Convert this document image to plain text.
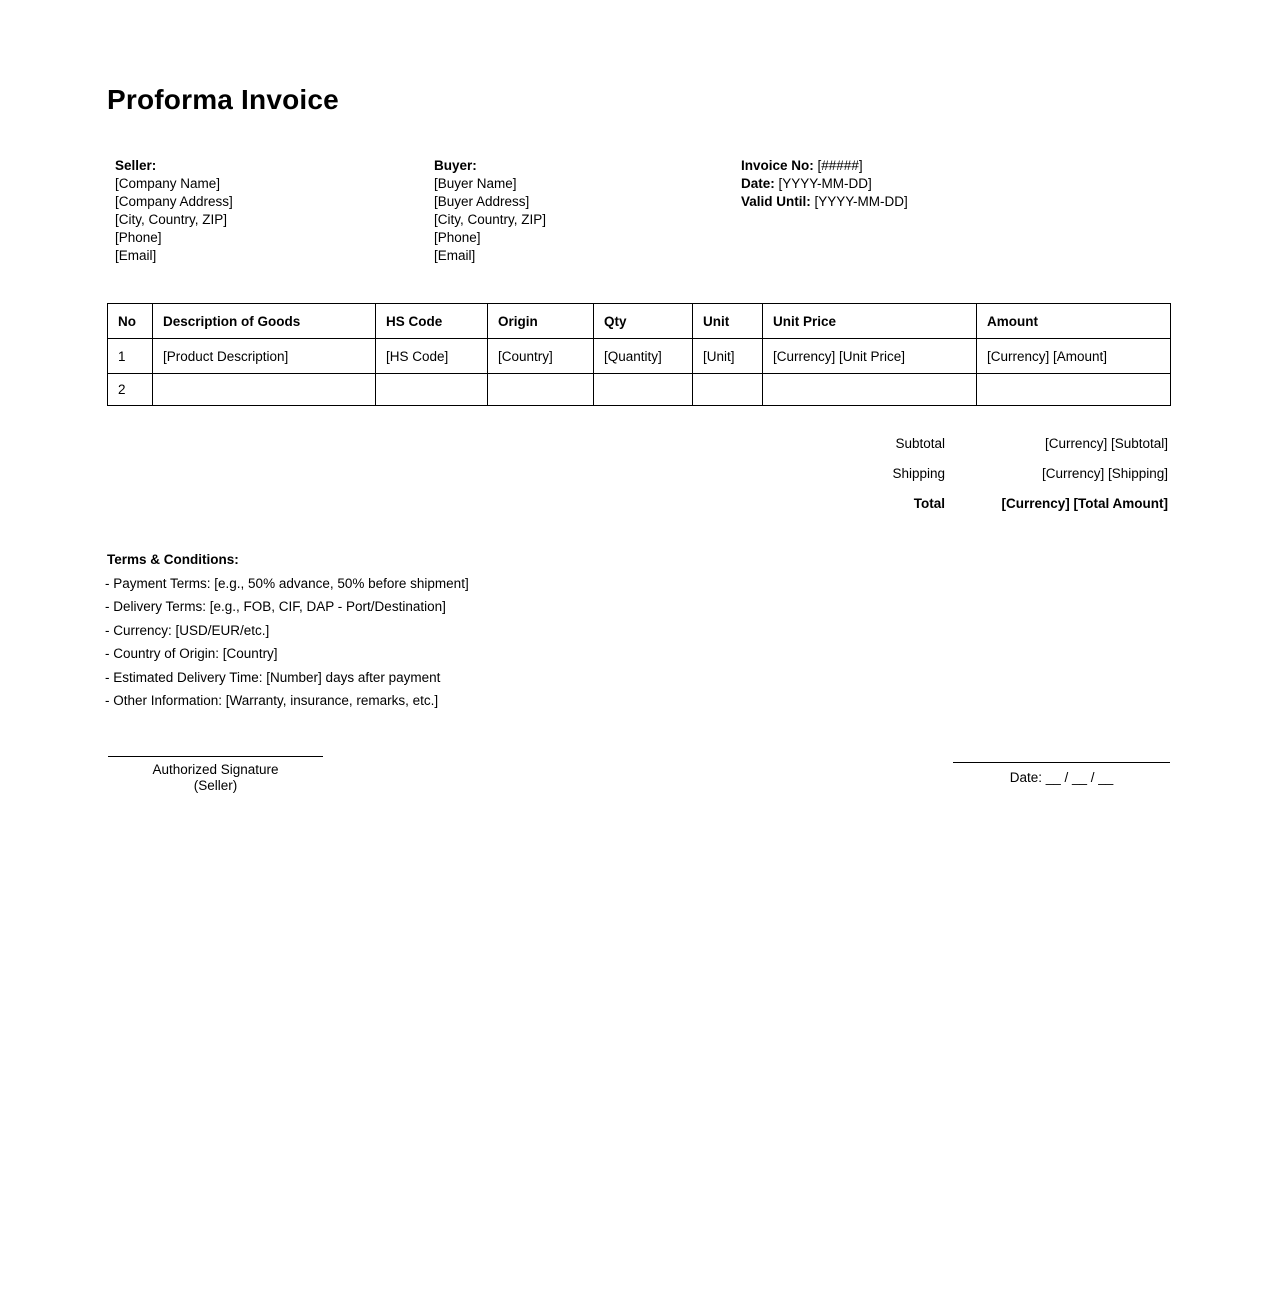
Proforma Invoice
Seller:
[Company Name]
[Company Address]
[City, Country, ZIP]
[Phone]
[Email]
Buyer:
[Buyer Name]
[Buyer Address]
[City, Country, ZIP]
[Phone]
[Email]
Invoice No: [#####]
Date: [YYYY-MM-DD]
Valid Until: [YYYY-MM-DD]
No	Description of Goods	HS Code	Origin	Qty	Unit	Unit Price	Amount
1	[Product Description]	[HS Code]	[Country]	[Quantity]	[Unit]	[Currency] [Unit Price]	[Currency] [Amount]
2							
Subtotal	[Currency] [Subtotal]
Shipping	[Currency] [Shipping]
Total	[Currency] [Total Amount]
Terms & Conditions:
- Payment Terms: [e.g., 50% advance, 50% before shipment]
- Delivery Terms: [e.g., FOB, CIF, DAP - Port/Destination]
- Currency: [USD/EUR/etc.]
- Country of Origin: [Country]
- Estimated Delivery Time: [Number] days after payment
- Other Information: [Warranty, insurance, remarks, etc.]
Authorized Signature
(Seller)
Date: __ / __ / __
